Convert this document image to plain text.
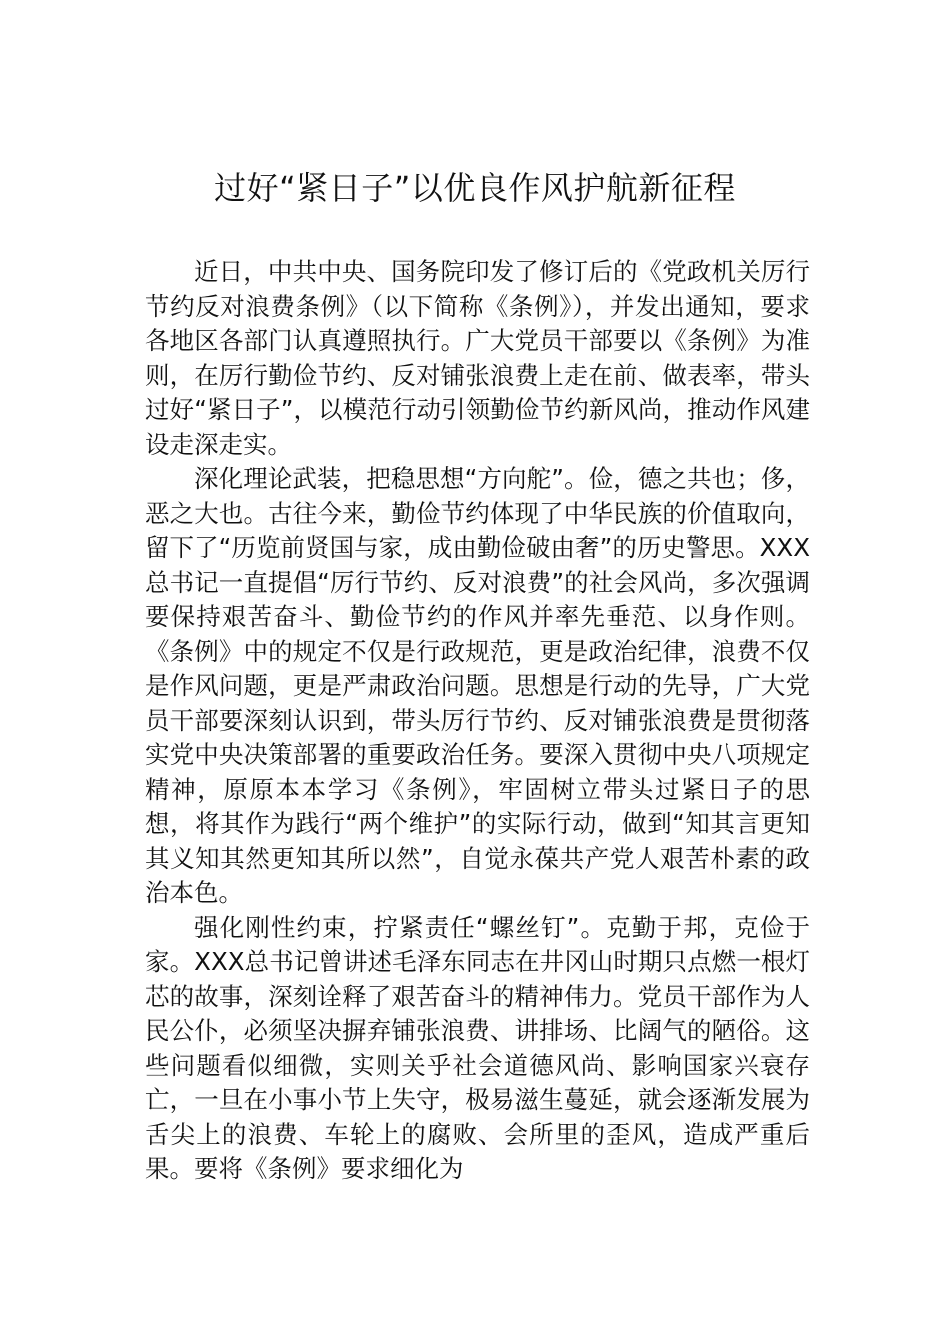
过好“紧日子”以优良作风护航新征程

近日，中共中央、国务院印发了修订后的《党政机关厉行节约反对浪费条例》（以下简称《条例》），并发出通知，要求各地区各部门认真遵照执行。广大党员干部要以《条例》为准则，在厉行勤俭节约、反对铺张浪费上走在前、做表率，带头过好“紧日子”，以模范行动引领勤俭节约新风尚，推动作风建设走深走实。

深化理论武装，把稳思想“方向舵”。俭，德之共也；侈，恶之大也。古往今来，勤俭节约体现了中华民族的价值取向，留下了“历览前贤国与家，成由勤俭破由奢”的历史警思。XXX总书记一直提倡“厉行节约、反对浪费”的社会风尚，多次强调要保持艰苦奋斗、勤俭节约的作风并率先垂范、以身作则。《条例》中的规定不仅是行政规范，更是政治纪律，浪费不仅是作风问题，更是严肃政治问题。思想是行动的先导，广大党员干部要深刻认识到，带头厉行节约、反对铺张浪费是贯彻落实党中央决策部署的重要政治任务。要深入贯彻中央八项规定精神，原原本本学习《条例》，牢固树立带头过紧日子的思想，将其作为践行“两个维护”的实际行动，做到“知其言更知其义知其然更知其所以然”，自觉永葆共产党人艰苦朴素的政治本色。

强化刚性约束，拧紧责任“螺丝钉”。克勤于邦，克俭于家。XXX总书记曾讲述毛泽东同志在井冈山时期只点燃一根灯芯的故事，深刻诠释了艰苦奋斗的精神伟力。党员干部作为人民公仆，必须坚决摒弃铺张浪费、讲排场、比阔气的陋俗。这些问题看似细微，实则关乎社会道德风尚、影响国家兴衰存亡，一旦在小事小节上失守，极易滋生蔓延，就会逐渐发展为舌尖上的浪费、车轮上的腐败、会所里的歪风，造成严重后果。要将《条例》要求细化为
